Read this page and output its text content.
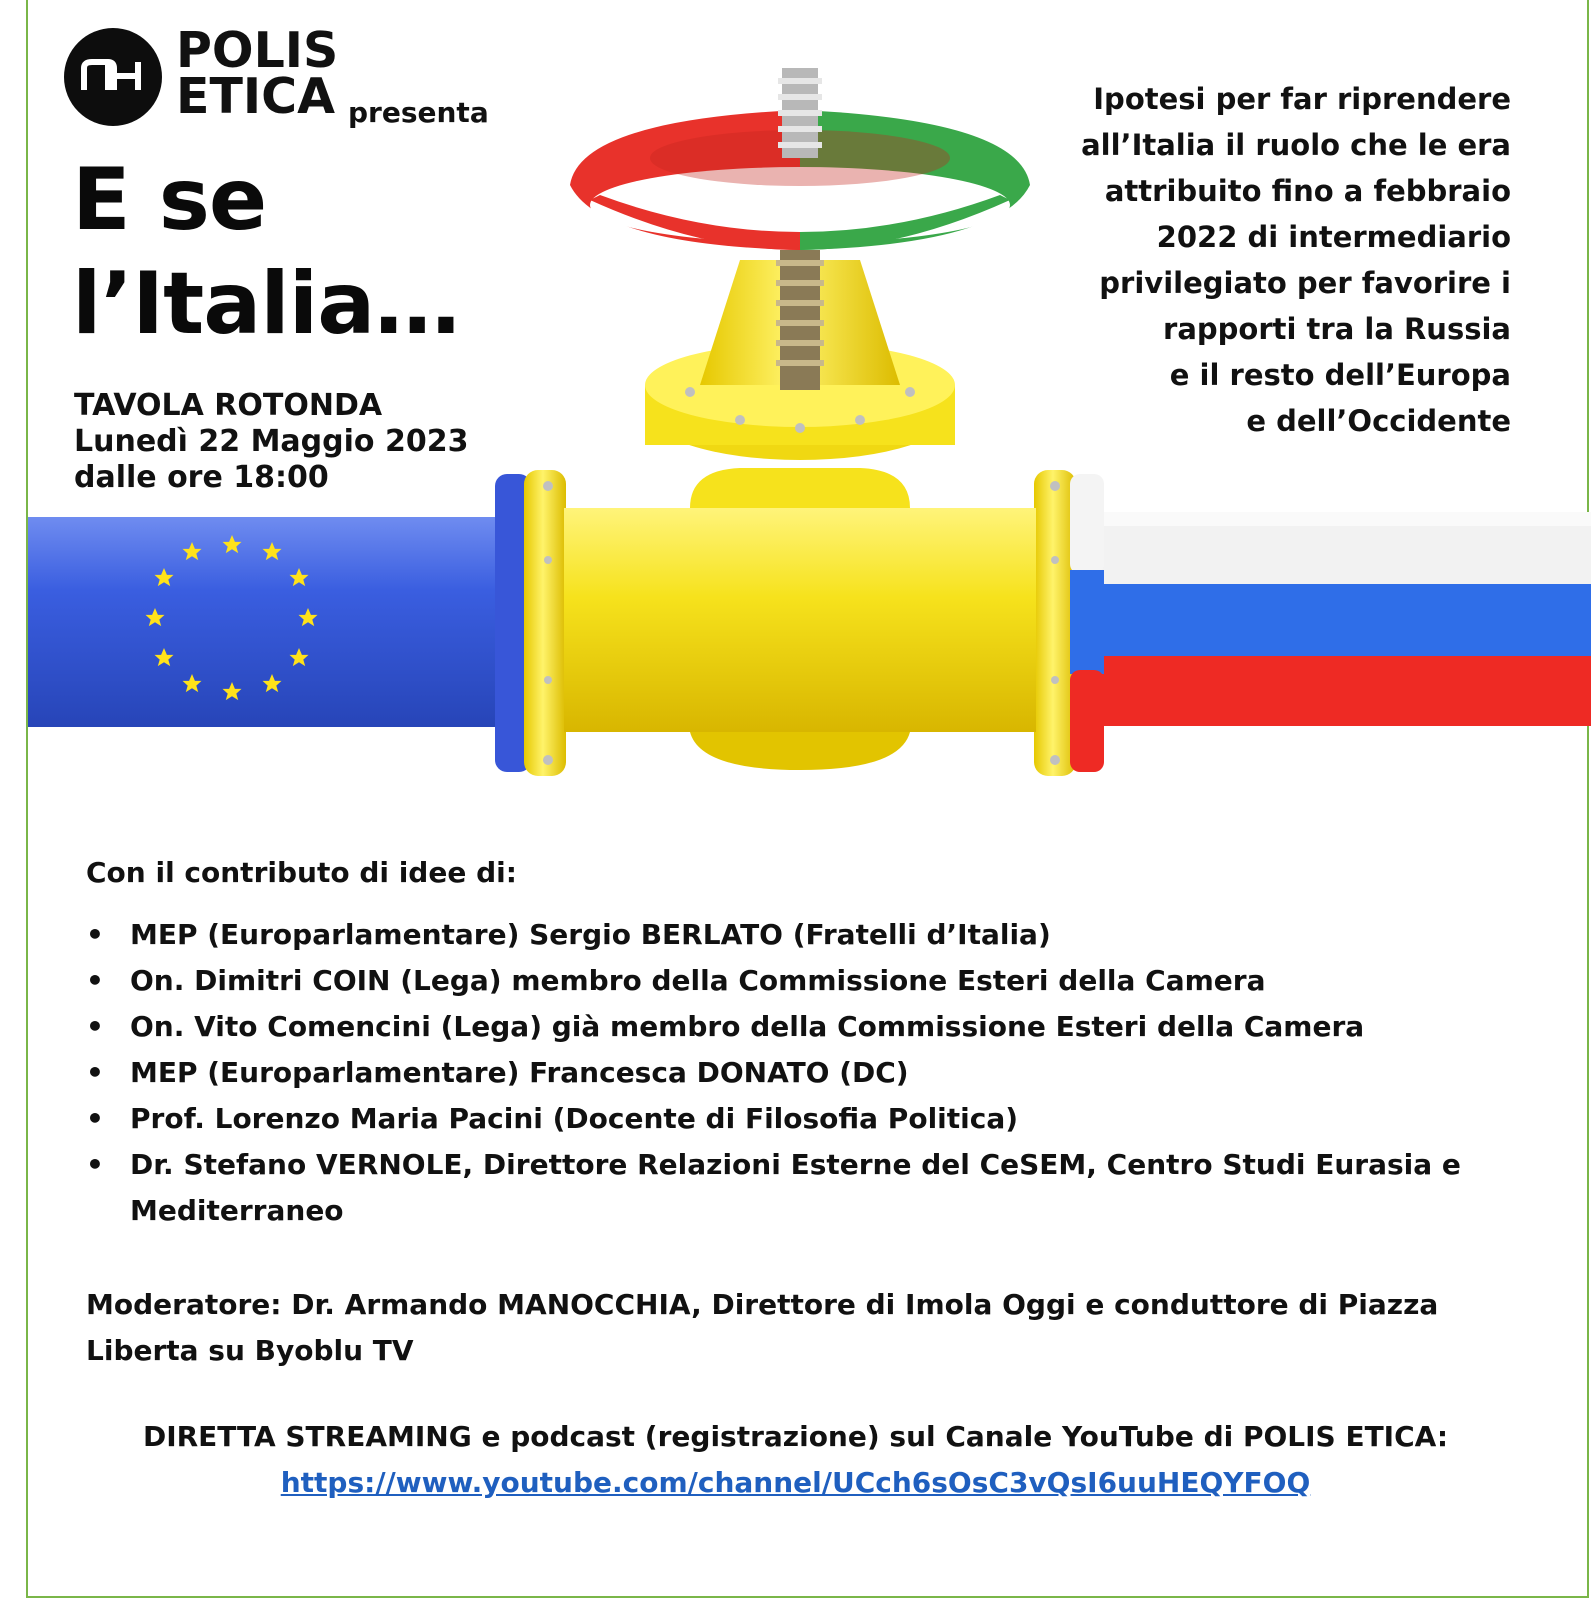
POLIS
ETICA presenta
E se
l’Italia…
TAVOLA ROTONDA
Lunedì 22 Maggio 2023
dalle ore 18:00
Ipotesi per far riprendere
all’Italia il ruolo che le era
attribuito fino a febbraio
2022 di intermediario
privilegiato per favorire i
rapporti tra la Russia
e il resto dell’Europa
e dell’Occidente
Con il contributo di idee di:
• MEP (Europarlamentare) Sergio BERLATO (Fratelli d’Italia)
• On. Dimitri COIN (Lega) membro della Commissione Esteri della Camera
• On. Vito Comencini (Lega) già membro della Commissione Esteri della Camera
• MEP (Europarlamentare) Francesca DONATO (DC)
• Prof. Lorenzo Maria Pacini (Docente di Filosofia Politica)
• Dr. Stefano VERNOLE, Direttore Relazioni Esterne del CeSEM, Centro Studi Eurasia e Mediterraneo
Moderatore: Dr. Armando MANOCCHIA, Direttore di Imola Oggi e conduttore di Piazza Liberta su Byoblu TV
DIRETTA STREAMING e podcast (registrazione) sul Canale YouTube di POLIS ETICA:
https://www.youtube.com/channel/UCch6sOsC3vQsI6uuHEQYFOQ
